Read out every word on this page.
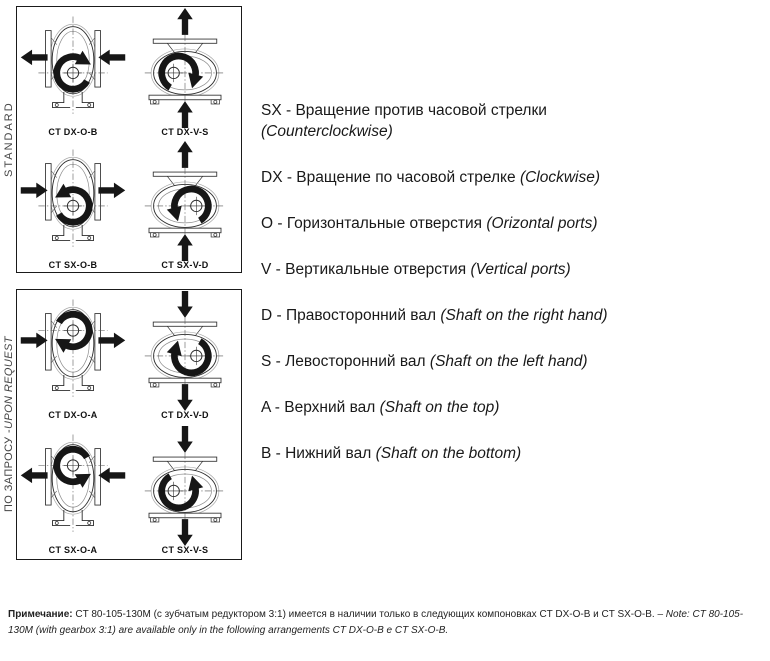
STANDARD	CT DX-O-B	CT DX-V-S
CT SX-O-B	CT SX-V-D
ПО ЗАПРОСУ -
UPON REQUEST	CT DX-O-A	CT DX-V-D
CT SX-O-A	CT SX-V-S
SX - Вращение против часовой стрелки
(Counterclockwise)
DX - Вращение по часовой стрелке (Clockwise)
O - Горизонтальные отверстия (Orizontal ports)
V - Вертикальные отверстия (Vertical ports)
D - Правосторонний вал (Shaft on the right hand)
S - Левосторонний вал (Shaft on the left hand)
A - Верхний вал (Shaft on the top)
B - Нижний вал (Shaft on the bottom)

Примечание: CT 80-105-130M (с зубчатым редуктором 3:1) имеется в наличии только в следующих компоновках CT DX-O-B и CT SX-O-B. – Note: CT 80-105-130M (with gearbox 3:1) are available only in the following arrangements CT DX-O-B e CT SX-O-B.
